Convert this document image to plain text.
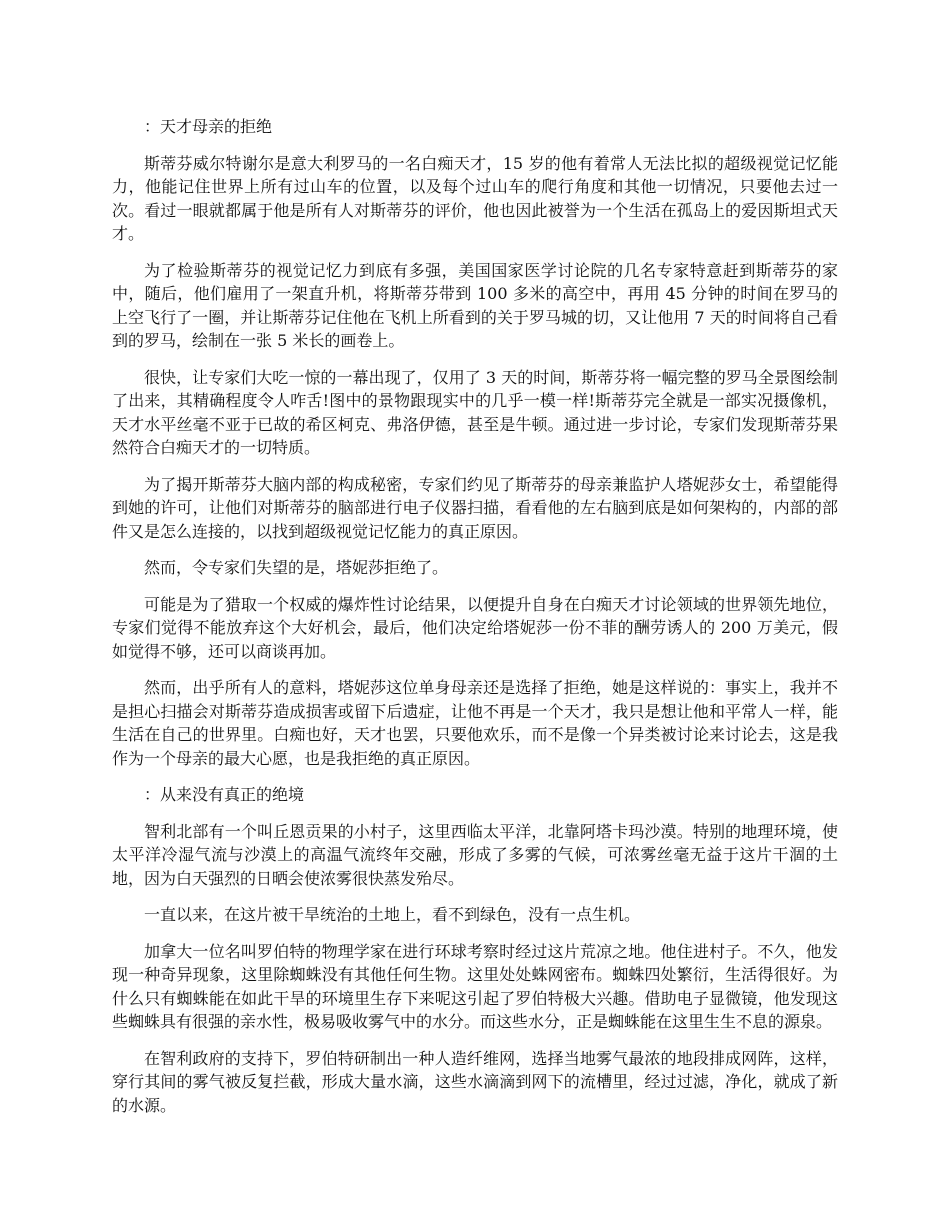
：天才母亲的拒绝

斯蒂芬威尔特谢尔是意大利罗马的一名白痴天才，15 岁的他有着常人无法比拟的超级视觉记忆能力，他能记住世界上所有过山车的位置，以及每个过山车的爬行角度和其他一切情况，只要他去过一次。看过一眼就都属于他是所有人对斯蒂芬的评价，他也因此被誉为一个生活在孤岛上的爱因斯坦式天才。

为了检验斯蒂芬的视觉记忆力到底有多强，美国国家医学讨论院的几名专家特意赶到斯蒂芬的家中，随后，他们雇用了一架直升机，将斯蒂芬带到 100 多米的高空中，再用 45 分钟的时间在罗马的上空飞行了一圈，并让斯蒂芬记住他在飞机上所看到的关于罗马城的切，又让他用 7 天的时间将自己看到的罗马，绘制在一张 5 米长的画卷上。

很快，让专家们大吃一惊的一幕出现了，仅用了 3 天的时间，斯蒂芬将一幅完整的罗马全景图绘制了出来，其精确程度令人咋舌!图中的景物跟现实中的几乎一模一样!斯蒂芬完全就是一部实况摄像机，天才水平丝毫不亚于已故的希区柯克、弗洛伊德，甚至是牛顿。通过进一步讨论，专家们发现斯蒂芬果然符合白痴天才的一切特质。

为了揭开斯蒂芬大脑内部的构成秘密，专家们约见了斯蒂芬的母亲兼监护人塔妮莎女士，希望能得到她的许可，让他们对斯蒂芬的脑部进行电子仪器扫描，看看他的左右脑到底是如何架构的，内部的部件又是怎么连接的，以找到超级视觉记忆能力的真正原因。

然而，令专家们失望的是，塔妮莎拒绝了。

可能是为了猎取一个权威的爆炸性讨论结果，以便提升自身在白痴天才讨论领域的世界领先地位，专家们觉得不能放弃这个大好机会，最后，他们决定给塔妮莎一份不菲的酬劳诱人的 200 万美元，假如觉得不够，还可以商谈再加。

然而，出乎所有人的意料，塔妮莎这位单身母亲还是选择了拒绝，她是这样说的：事实上，我并不是担心扫描会对斯蒂芬造成损害或留下后遗症，让他不再是一个天才，我只是想让他和平常人一样，能生活在自己的世界里。白痴也好，天才也罢，只要他欢乐，而不是像一个异类被讨论来讨论去，这是我作为一个母亲的最大心愿，也是我拒绝的真正原因。

：从来没有真正的绝境

智利北部有一个叫丘恩贡果的小村子，这里西临太平洋，北靠阿塔卡玛沙漠。特别的地理环境，使太平洋冷湿气流与沙漠上的高温气流终年交融，形成了多雾的气候，可浓雾丝毫无益于这片干涸的土地，因为白天强烈的日晒会使浓雾很快蒸发殆尽。

一直以来，在这片被干旱统治的土地上，看不到绿色，没有一点生机。

加拿大一位名叫罗伯特的物理学家在进行环球考察时经过这片荒凉之地。他住进村子。不久，他发现一种奇异现象，这里除蜘蛛没有其他任何生物。这里处处蛛网密布。蜘蛛四处繁衍，生活得很好。为什么只有蜘蛛能在如此干旱的环境里生存下来呢这引起了罗伯特极大兴趣。借助电子显微镜，他发现这些蜘蛛具有很强的亲水性，极易吸收雾气中的水分。而这些水分，正是蜘蛛能在这里生生不息的源泉。

在智利政府的支持下，罗伯特研制出一种人造纤维网，选择当地雾气最浓的地段排成网阵，这样，穿行其间的雾气被反复拦截，形成大量水滴，这些水滴滴到网下的流槽里，经过过滤，净化，就成了新的水源。
